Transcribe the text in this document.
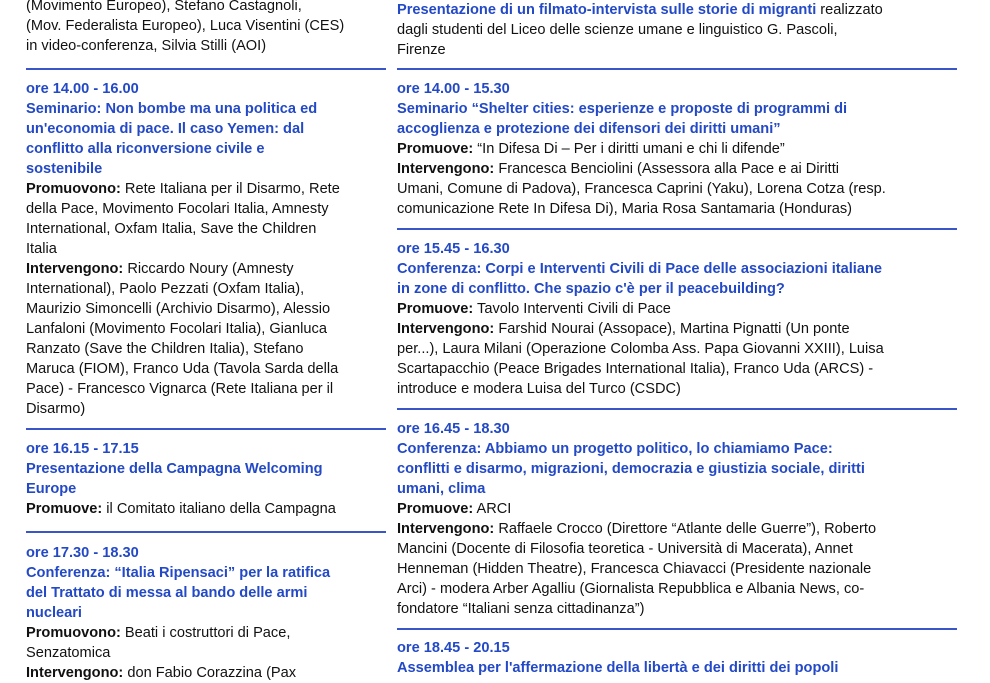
(Movimento Europeo), Stefano Castagnoli,
(Mov. Federalista Europeo), Luca Visentini (CES)
in video-conferenza, Silvia Stilli (AOI)
ore 14.00 - 16.00
Seminario: Non bombe ma una politica ed
un'economia di pace. Il caso Yemen: dal
conflitto alla riconversione civile e
sostenibile
Promuovono: Rete Italiana per il Disarmo, Rete
della Pace, Movimento Focolari Italia, Amnesty
International, Oxfam Italia, Save the Children
Italia
Intervengono: Riccardo Noury (Amnesty
International), Paolo Pezzati (Oxfam Italia),
Maurizio Simoncelli (Archivio Disarmo), Alessio
Lanfaloni (Movimento Focolari Italia), Gianluca
Ranzato (Save the Children Italia), Stefano
Maruca (FIOM), Franco Uda (Tavola Sarda della
Pace) - Francesco Vignarca (Rete Italiana per il
Disarmo)
ore 16.15 - 17.15
Presentazione della Campagna Welcoming
Europe
Promuove: il Comitato italiano della Campagna
ore 17.30 - 18.30
Conferenza: “Italia Ripensaci” per la ratifica
del Trattato di messa al bando delle armi
nucleari
Promuovono: Beati i costruttori di Pace,
Senzatomica
Intervengono: don Fabio Corazzina (Pax
Presentazione di un filmato-intervista sulle storie di migranti realizzato
dagli studenti del Liceo delle scienze umane e linguistico G. Pascoli,
Firenze
ore 14.00 - 15.30
Seminario “Shelter cities: esperienze e proposte di programmi di
accoglienza e protezione dei difensori dei diritti umani”
Promuove: “In Difesa Di – Per i diritti umani e chi li difende”
Intervengono: Francesca Benciolini (Assessora alla Pace e ai Diritti
Umani, Comune di Padova), Francesca Caprini (Yaku), Lorena Cotza (resp.
comunicazione Rete In Difesa Di), Maria Rosa Santamaria (Honduras)
ore 15.45 - 16.30
Conferenza: Corpi e Interventi Civili di Pace delle associazioni italiane
in zone di conflitto. Che spazio c'è per il peacebuilding?
Promuove: Tavolo Interventi Civili di Pace
Intervengono: Farshid Nourai (Assopace), Martina Pignatti (Un ponte
per...), Laura Milani (Operazione Colomba Ass. Papa Giovanni XXIII), Luisa
Scartapacchio (Peace Brigades International Italia), Franco Uda (ARCS) -
introduce e modera Luisa del Turco (CSDC)
ore 16.45 - 18.30
Conferenza: Abbiamo un progetto politico, lo chiamiamo Pace:
conflitti e disarmo, migrazioni, democrazia e giustizia sociale, diritti
umani, clima
Promuove: ARCI
Intervengono: Raffaele Crocco (Direttore “Atlante delle Guerre”), Roberto
Mancini (Docente di Filosofia teoretica - Università di Macerata), Annet
Henneman (Hidden Theatre), Francesca Chiavacci (Presidente nazionale
Arci) - modera Arber Agalliu (Giornalista Repubblica e Albania News, co-
fondatore “Italiani senza cittadinanza”)
ore 18.45 - 20.15
Assemblea per l'affermazione della libertà e dei diritti dei popoli
